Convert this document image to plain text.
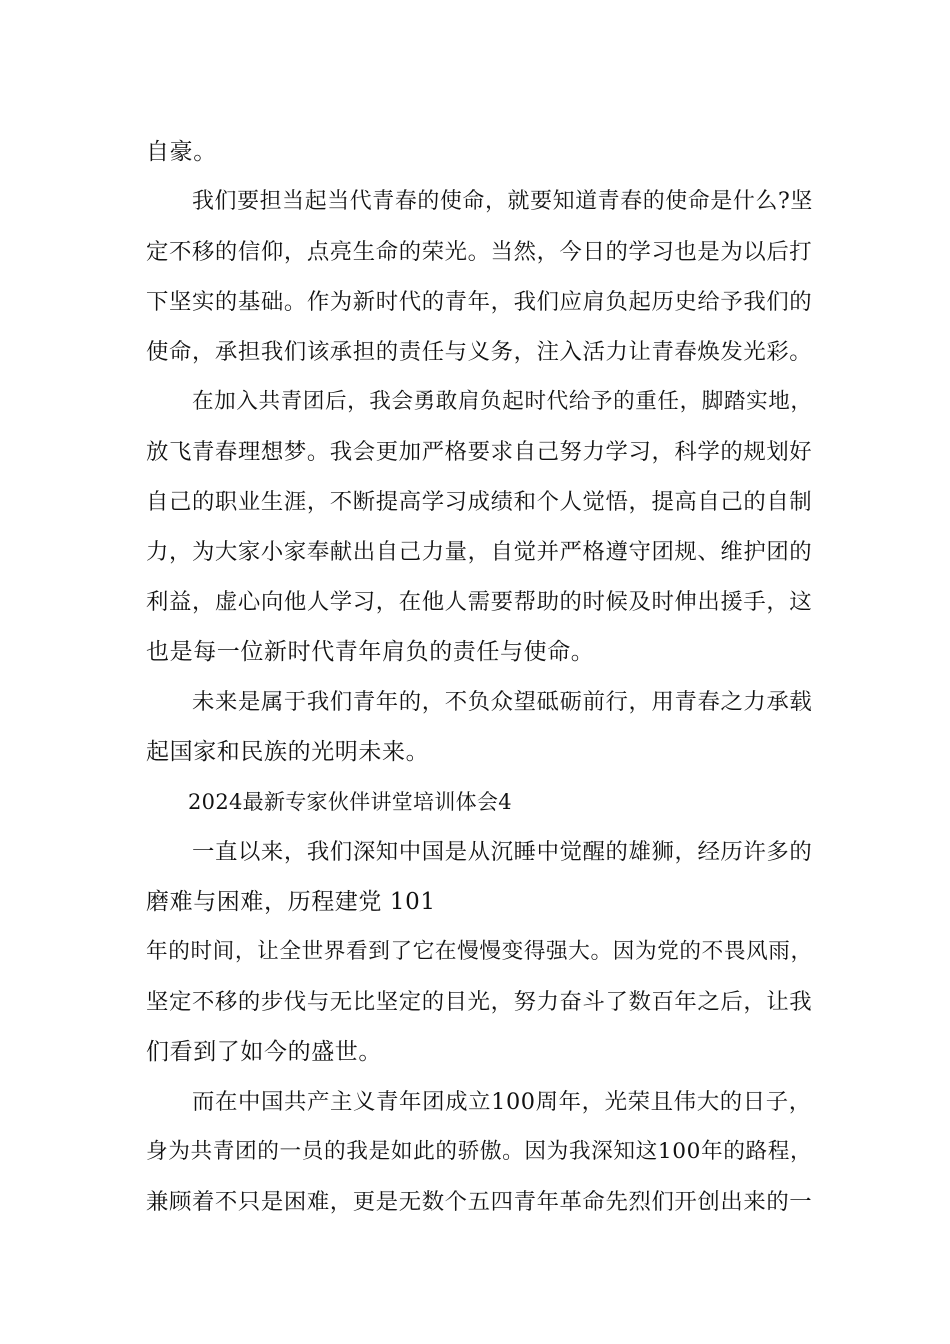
自豪。
我们要担当起当代青春的使命，就要知道青春的使命是什么?坚
定不移的信仰，点亮生命的荣光。当然，今日的学习也是为以后打
下坚实的基础。作为新时代的青年，我们应肩负起历史给予我们的
使命，承担我们该承担的责任与义务，注入活力让青春焕发光彩。
在加入共青团后，我会勇敢肩负起时代给予的重任，脚踏实地，
放飞青春理想梦。我会更加严格要求自己努力学习，科学的规划好
自己的职业生涯，不断提高学习成绩和个人觉悟，提高自己的自制
力，为大家小家奉献出自己力量，自觉并严格遵守团规、维护团的
利益，虚心向他人学习，在他人需要帮助的时候及时伸出援手，这
也是每一位新时代青年肩负的责任与使命。
未来是属于我们青年的，不负众望砥砺前行，用青春之力承载
起国家和民族的光明未来。
2024最新专家伙伴讲堂培训体会4
一直以来，我们深知中国是从沉睡中觉醒的雄狮，经历许多的
磨难与困难，历程建党 101
年的时间，让全世界看到了它在慢慢变得强大。因为党的不畏风雨，
坚定不移的步伐与无比坚定的目光，努力奋斗了数百年之后，让我
们看到了如今的盛世。
而在中国共产主义青年团成立100周年，光荣且伟大的日子，
身为共青团的一员的我是如此的骄傲。因为我深知这100年的路程，
兼顾着不只是困难，更是无数个五四青年革命先烈们开创出来的一
